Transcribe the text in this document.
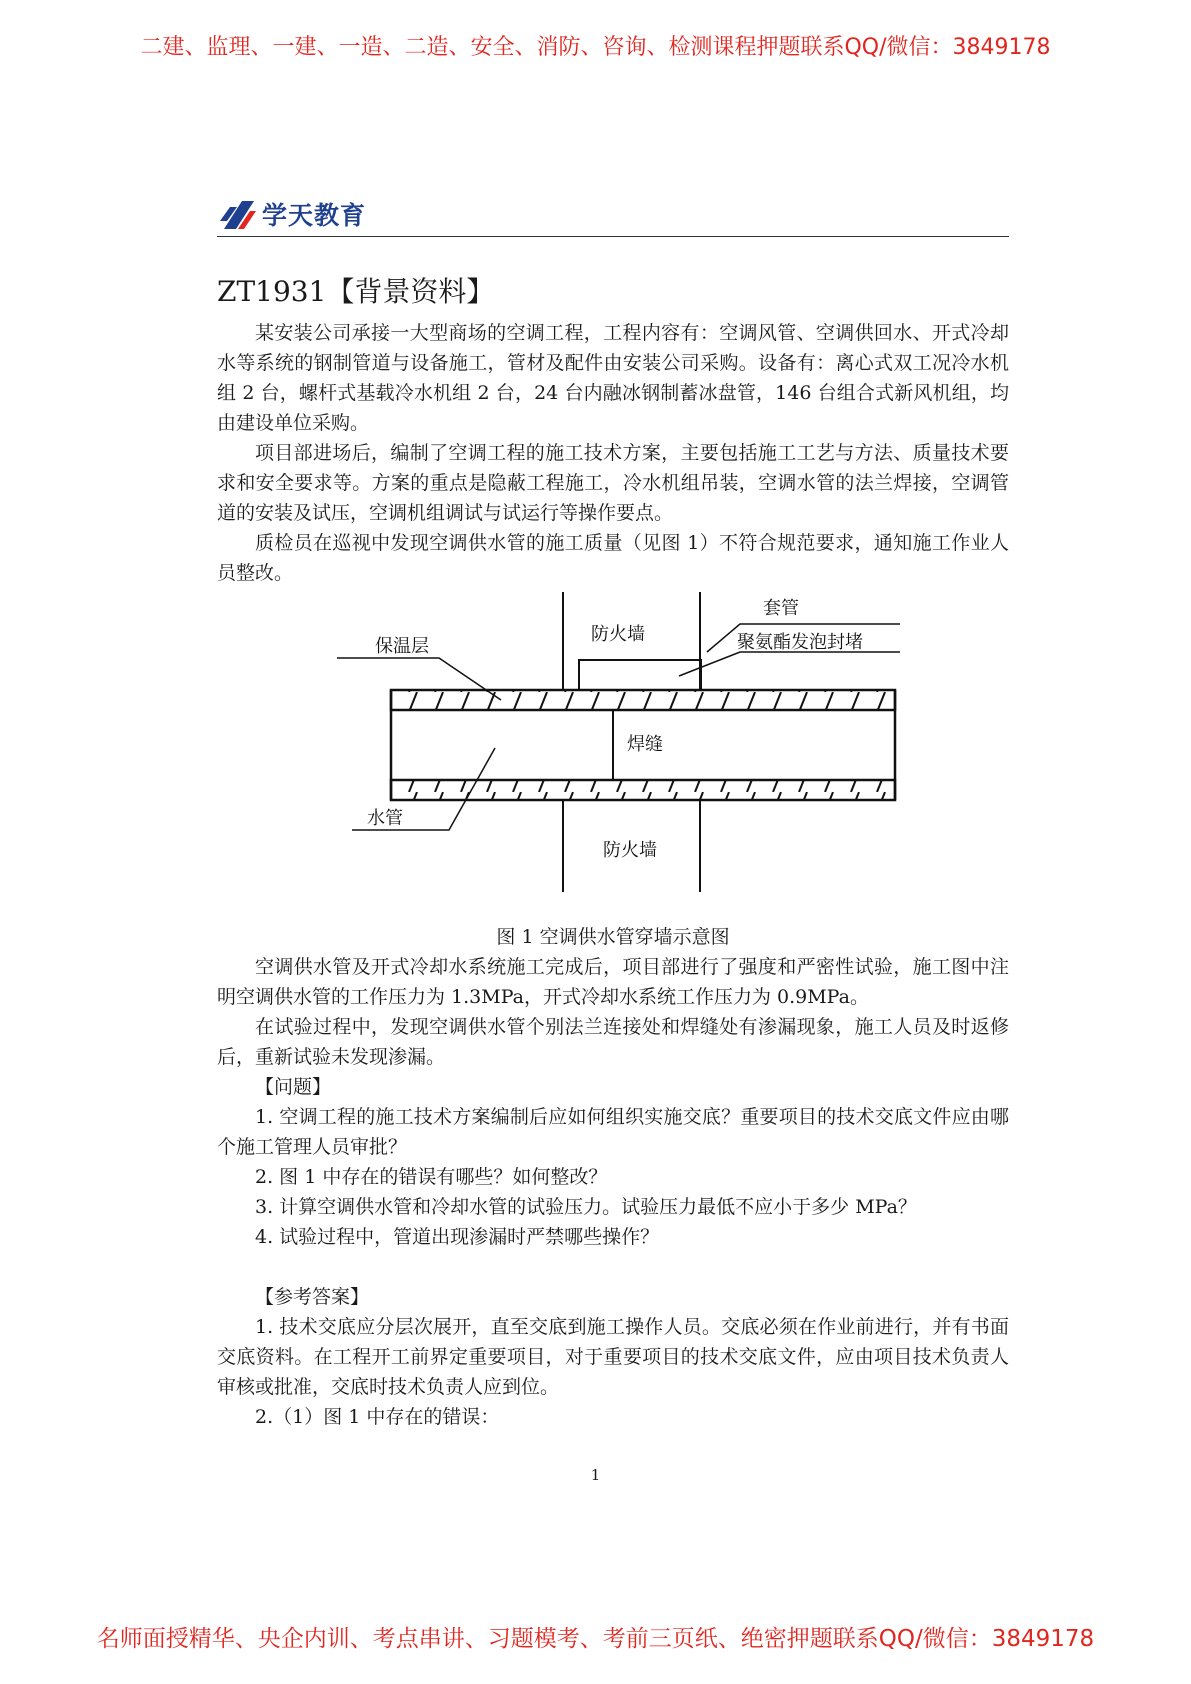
二建、监理、一建、一造、二造、安全、消防、咨询、检测课程押题联系QQ/微信：3849178
学天教育
ZT1931【背景资料】

某安装公司承接一大型商场的空调工程，工程内容有：空调风管、空调供回水、开式冷却水等系统的钢制管道与设备施工，管材及配件由安装公司采购。设备有：离心式双工况冷水机组 2 台，螺杆式基载冷水机组 2 台，24 台内融冰钢制蓄冰盘管，146 台组合式新风机组，均由建设单位采购。

项目部进场后，编制了空调工程的施工技术方案，主要包括施工工艺与方法、质量技术要求和安全要求等。方案的重点是隐蔽工程施工，冷水机组吊装，空调水管的法兰焊接，空调管道的安装及试压，空调机组调试与试运行等操作要点。

质检员在巡视中发现空调供水管的施工质量（见图 1）不符合规范要求，通知施工作业人员整改。

保温层
防火墙
套管
聚氨酯发泡封堵
焊缝
水管
防火墙

图 1 空调供水管穿墙示意图

空调供水管及开式冷却水系统施工完成后，项目部进行了强度和严密性试验，施工图中注明空调供水管的工作压力为 1.3MPa，开式冷却水系统工作压力为 0.9MPa。

在试验过程中，发现空调供水管个别法兰连接处和焊缝处有渗漏现象，施工人员及时返修后，重新试验未发现渗漏。

【问题】

1. 空调工程的施工技术方案编制后应如何组织实施交底？重要项目的技术交底文件应由哪个施工管理人员审批？

2. 图 1 中存在的错误有哪些？如何整改？

3. 计算空调供水管和冷却水管的试验压力。试验压力最低不应小于多少 MPa？

4. 试验过程中，管道出现渗漏时严禁哪些操作？

【参考答案】

1. 技术交底应分层次展开，直至交底到施工操作人员。交底必须在作业前进行，并有书面交底资料。在工程开工前界定重要项目，对于重要项目的技术交底文件，应由项目技术负责人审核或批准，交底时技术负责人应到位。

2.（1）图 1 中存在的错误：

1
名师面授精华、央企内训、考点串讲、习题模考、考前三页纸、绝密押题联系QQ/微信：3849178
